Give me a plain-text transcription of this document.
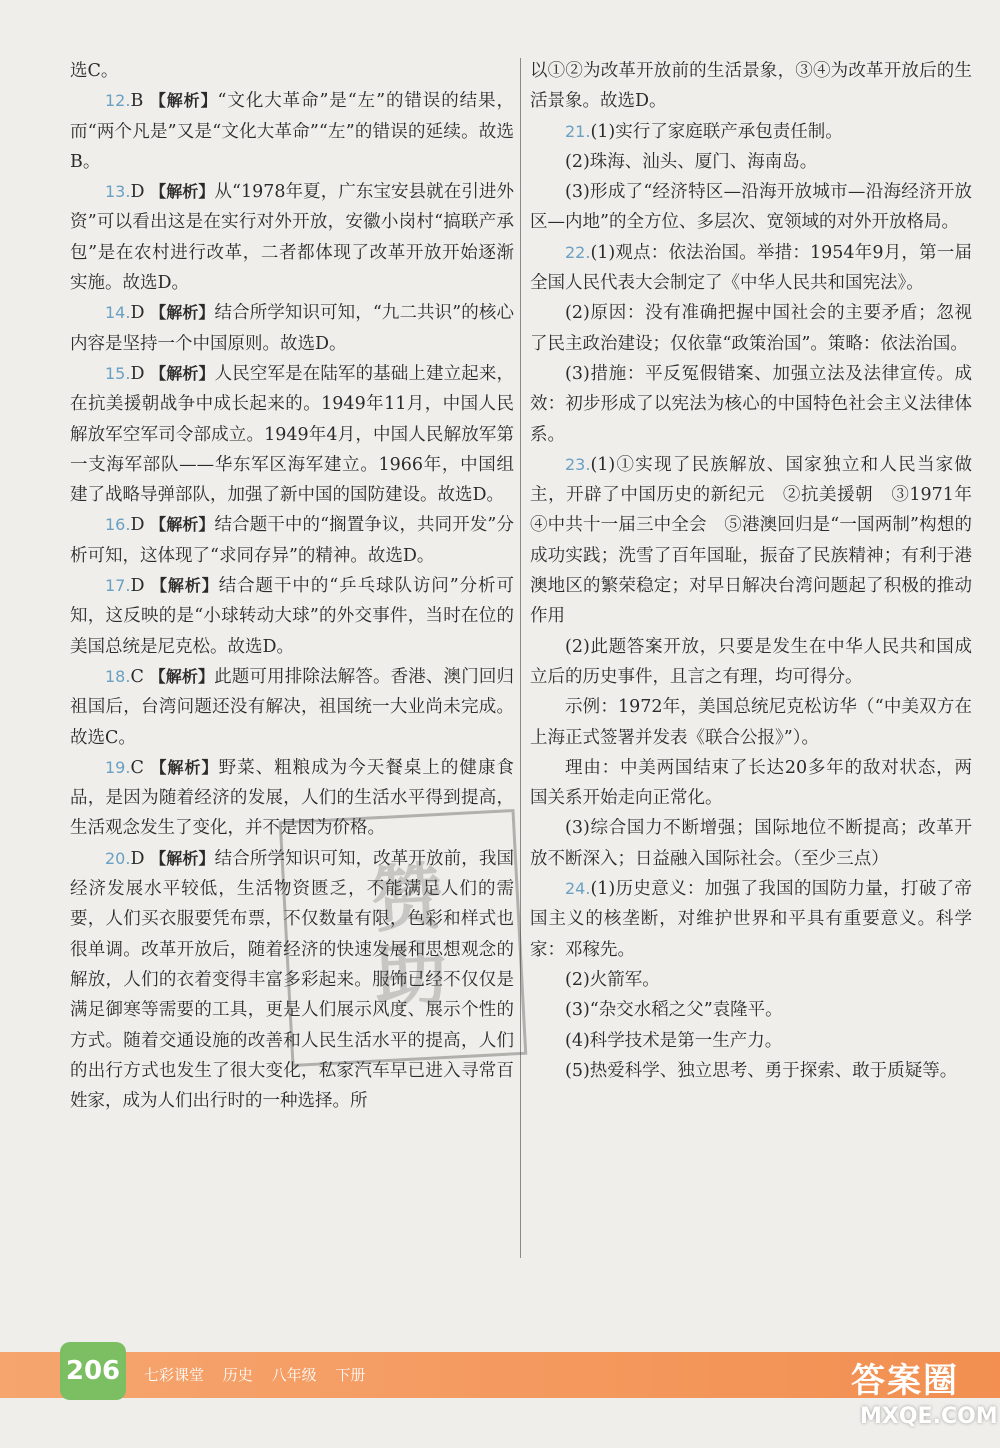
选C。

12.B 【解析】“文化大革命”是“左”的错误的结果，而“两个凡是”又是“文化大革命”“左”的错误的延续。故选B。

13.D 【解析】从“1978年夏，广东宝安县就在引进外资”可以看出这是在实行对外开放，安徽小岗村“搞联产承包”是在农村进行改革，二者都体现了改革开放开始逐渐实施。故选D。

14.D 【解析】结合所学知识可知，“九二共识”的核心内容是坚持一个中国原则。故选D。

15.D 【解析】人民空军是在陆军的基础上建立起来，在抗美援朝战争中成长起来的。1949年11月，中国人民解放军空军司令部成立。1949年4月，中国人民解放军第一支海军部队——华东军区海军建立。1966年，中国组建了战略导弹部队，加强了新中国的国防建设。故选D。

16.D 【解析】结合题干中的“搁置争议，共同开发”分析可知，这体现了“求同存异”的精神。故选D。

17.D 【解析】结合题干中的“乒乓球队访问”分析可知，这反映的是“小球转动大球”的外交事件，当时在位的美国总统是尼克松。故选D。

18.C 【解析】此题可用排除法解答。香港、澳门回归祖国后，台湾问题还没有解决，祖国统一大业尚未完成。故选C。

19.C 【解析】野菜、粗粮成为今天餐桌上的健康食品，是因为随着经济的发展，人们的生活水平得到提高，生活观念发生了变化，并不是因为价格。

20.D 【解析】结合所学知识可知，改革开放前，我国经济发展水平较低，生活物资匮乏，不能满足人们的需要，人们买衣服要凭布票，不仅数量有限，色彩和样式也很单调。改革开放后，随着经济的快速发展和思想观念的解放，人们的衣着变得丰富多彩起来。服饰已经不仅仅是满足御寒等需要的工具，更是人们展示风度、展示个性的方式。随着交通设施的改善和人民生活水平的提高，人们的出行方式也发生了很大变化，私家汽车早已进入寻常百姓家，成为人们出行时的一种选择。所

以①②为改革开放前的生活景象，③④为改革开放后的生活景象。故选D。

21.(1)实行了家庭联产承包责任制。

(2)珠海、汕头、厦门、海南岛。

(3)形成了“经济特区—沿海开放城市—沿海经济开放区—内地”的全方位、多层次、宽领域的对外开放格局。

22.(1)观点：依法治国。举措：1954年9月，第一届全国人民代表大会制定了《中华人民共和国宪法》。

(2)原因：没有准确把握中国社会的主要矛盾；忽视了民主政治建设；仅依靠“政策治国”。策略：依法治国。

(3)措施：平反冤假错案、加强立法及法律宣传。成效：初步形成了以宪法为核心的中国特色社会主义法律体系。

23.(1)①实现了民族解放、国家独立和人民当家做主，开辟了中国历史的新纪元　②抗美援朝　③1971年　④中共十一届三中全会　⑤港澳回归是“一国两制”构想的成功实践；洗雪了百年国耻，振奋了民族精神；有利于港澳地区的繁荣稳定；对早日解决台湾问题起了积极的推动作用

(2)此题答案开放，只要是发生在中华人民共和国成立后的历史事件，且言之有理，均可得分。

示例：1972年，美国总统尼克松访华（“中美双方在上海正式签署并发表《联合公报》”）。

理由：中美两国结束了长达20多年的敌对状态，两国关系开始走向正常化。

(3)综合国力不断增强；国际地位不断提高；改革开放不断深入；日益融入国际社会。（至少三点）

24.(1)历史意义：加强了我国的国防力量，打破了帝国主义的核垄断，对维护世界和平具有重要意义。科学家：邓稼先。

(2)火箭军。

(3)“杂交水稻之父”袁隆平。

(4)科学技术是第一生产力。

(5)热爱科学、独立思考、勇于探索、敢于质疑等。

赞助
206 七彩课堂 历史 八年级 下册	答案圈
MXQE.COM
